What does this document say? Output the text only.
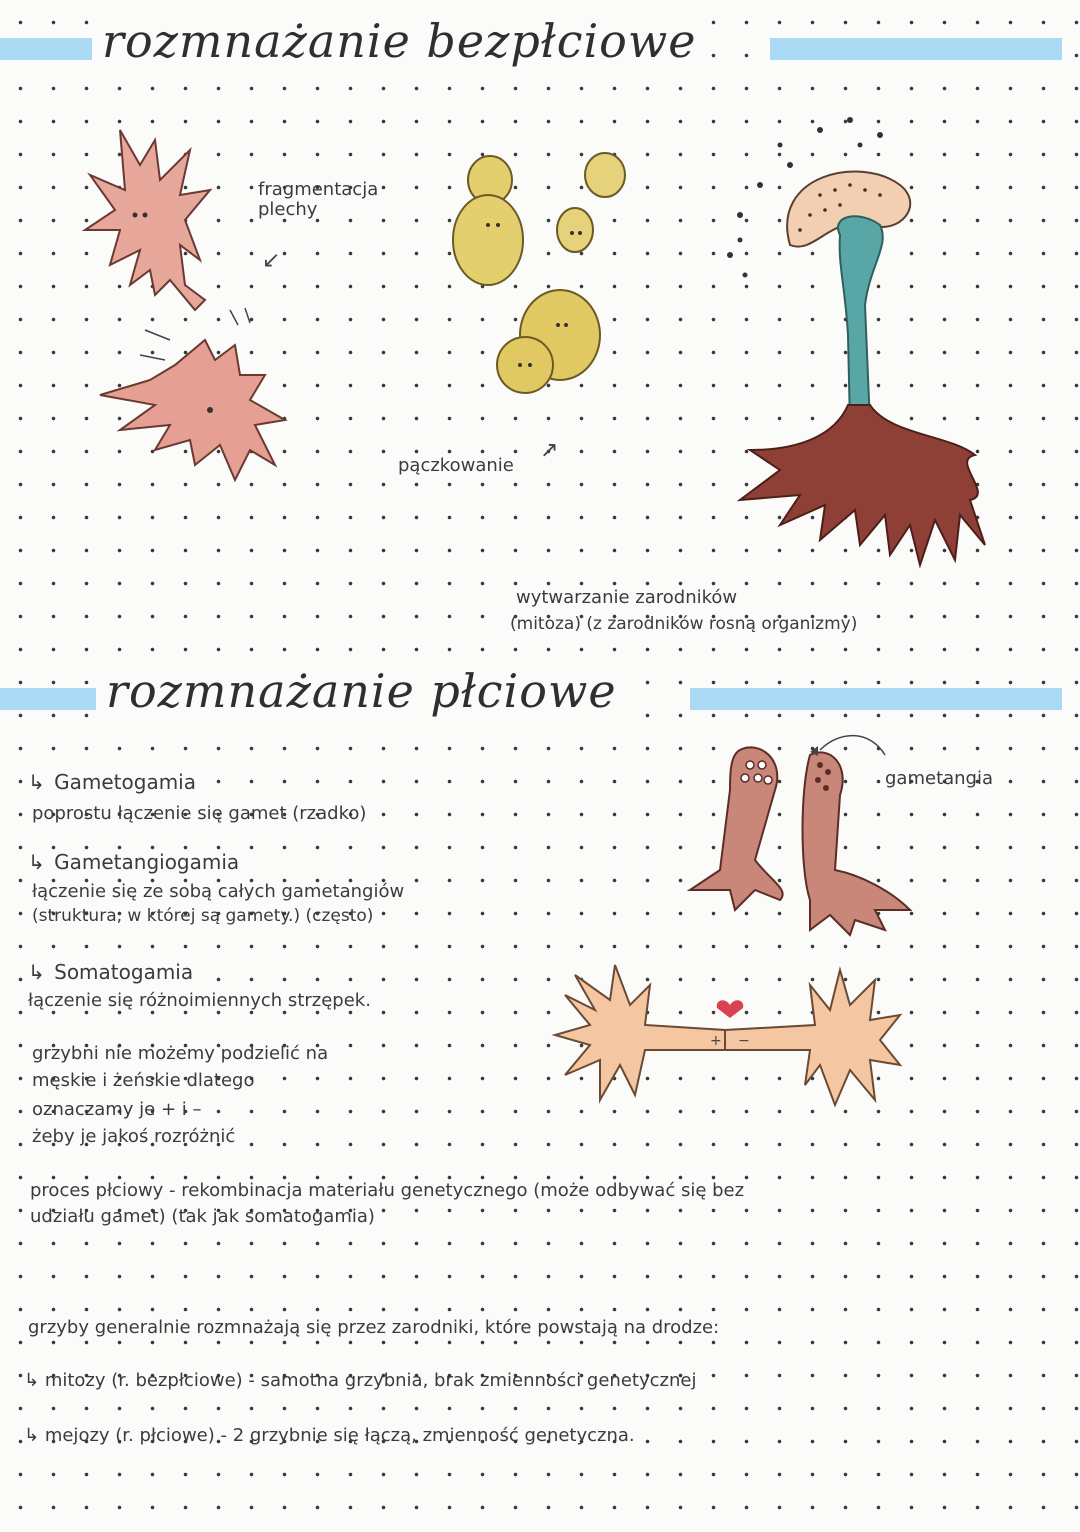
rozmnażanie bezpłciowe
fragmentacja
plechy
↙
pączkowanie
↗
wytwarzanie zarodników
(mitoza) (z zarodników rosną organizmy)
rozmnażanie płciowe
gametangia
+ −
↳ Gametogamia
poprostu łączenie się gamet (rzadko)
↳ Gametangiogamia
łączenie się ze sobą całych gametangiów
(struktura, w której są gamety.) (często)
↳ Somatogamia
łączenie się różnoimiennych strzępek.
grzybni nie możemy podzielić na
męskie i żeńskie dlatego
oznaczamy je + i –
żeby je jakoś rozróżnić
proces płciowy - rekombinacja materiału genetycznego (może odbywać się bez
udziału gamet) (tak jak somatogamia)
grzyby generalnie rozmnażają się przez zarodniki, które powstają na drodze:
↳ mitozy (r. bezpłciowe) - samotna grzybnia, brak zmienności genetycznej
↳ mejozy (r. płciowe) - 2 grzybnie się łączą, zmienność genetyczna.
